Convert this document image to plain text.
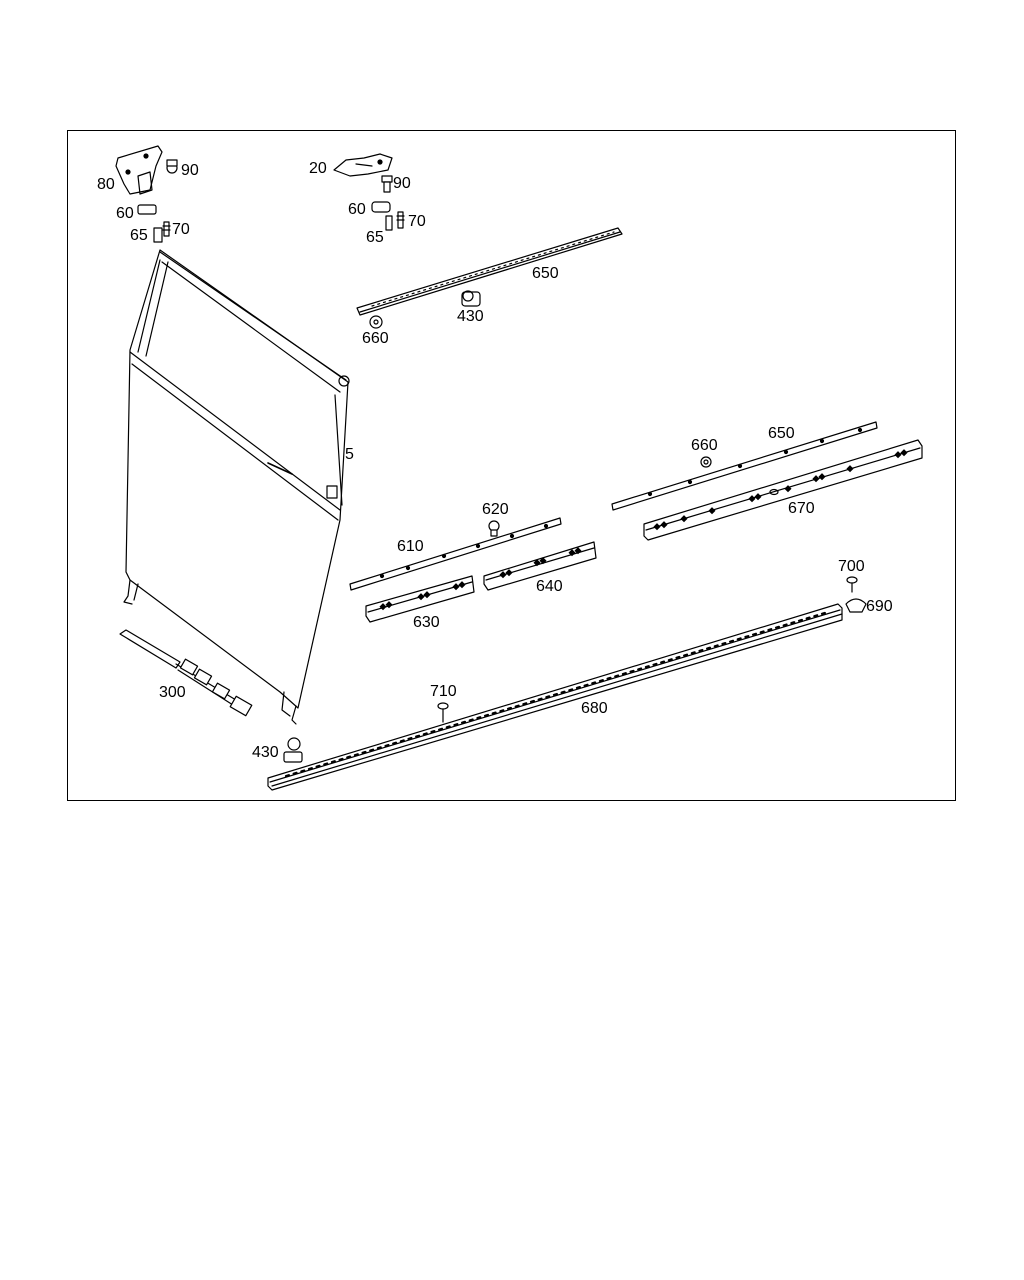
5
20
60	60
65	65
70	70
80
90
90
300
430
430
610
620
630
640
650
650
660
660
670
680
690
700
710
